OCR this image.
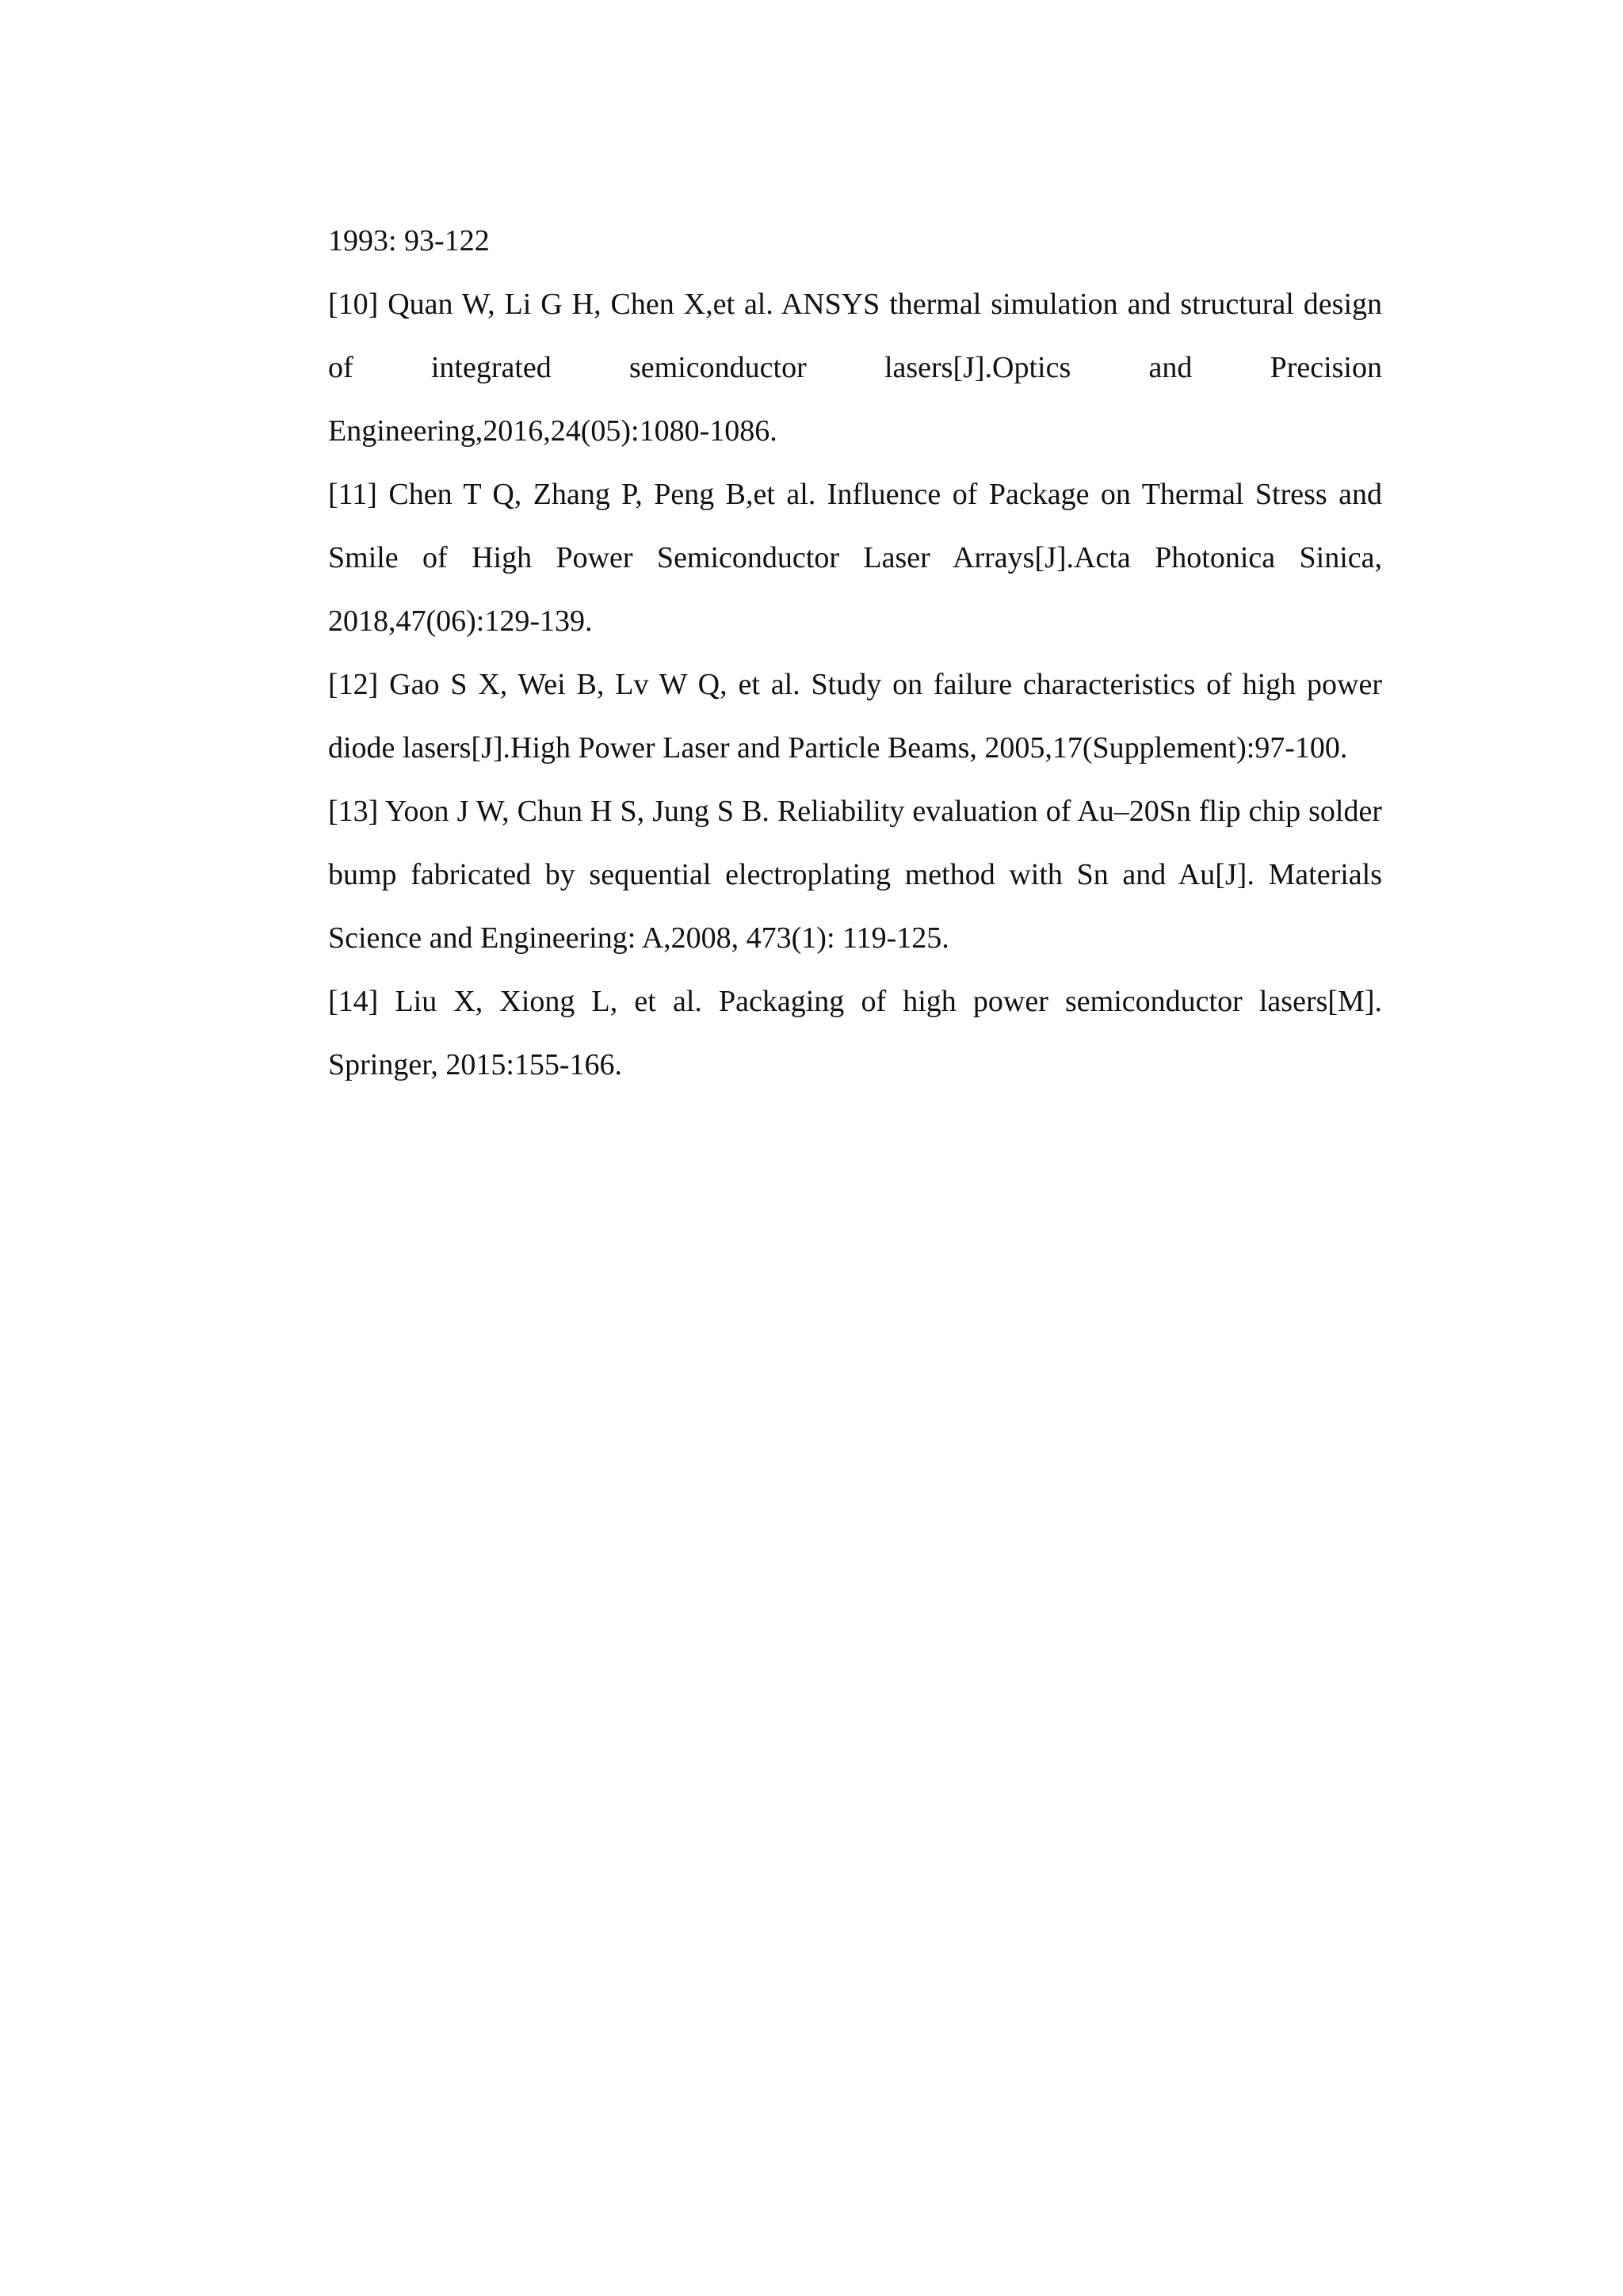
1993: 93-122

[10] Quan W, Li G H, Chen X,et al. ANSYS thermal simulation and structural design of integrated semiconductor lasers[J].Optics and Precision Engineering,2016,24(05):1080-1086.

[11] Chen T Q, Zhang P, Peng B,et al. Influence of Package on Thermal Stress and Smile of High Power Semiconductor Laser Arrays[J].Acta Photonica Sinica, 2018,47(06):129-139.

[12] Gao S X, Wei B, Lv W Q, et al. Study on failure characteristics of high power diode lasers[J].High Power Laser and Particle Beams, 2005,17(Supplement):97-100.

[13] Yoon J W, Chun H S, Jung S B. Reliability evaluation of Au–20Sn flip chip solder bump fabricated by sequential electroplating method with Sn and Au[J]. Materials Science and Engineering: A,2008, 473(1): 119-125.

[14] Liu X, Xiong L, et al. Packaging of high power semiconductor lasers[M]. Springer, 2015:155-166.
